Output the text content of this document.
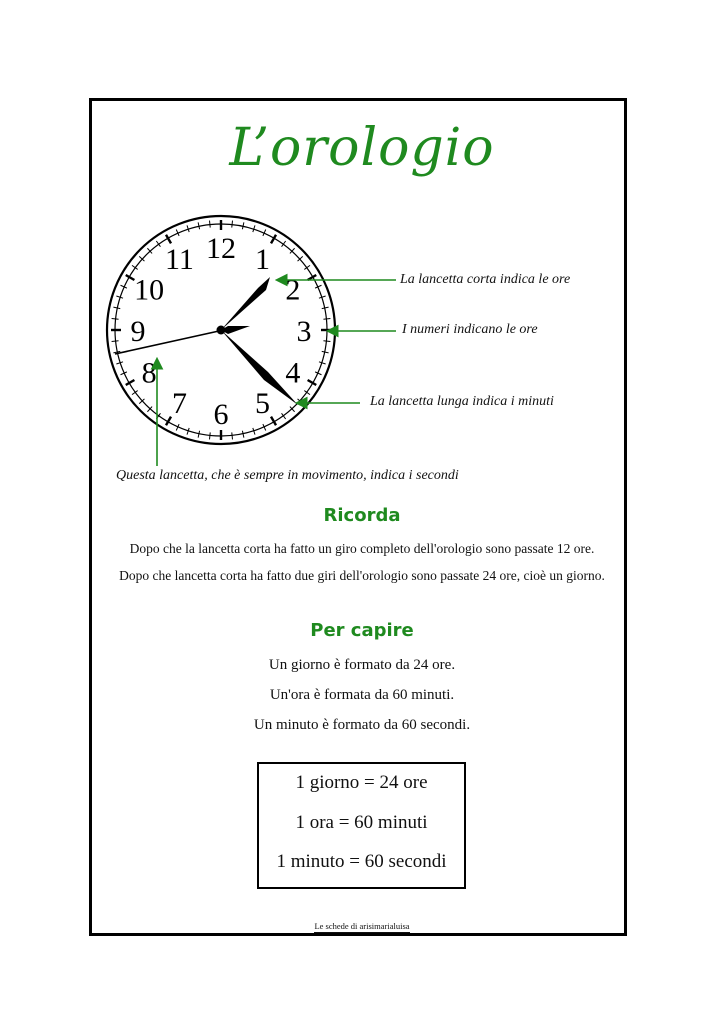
L’orologio
12 1
2
3
4
5
6
7
8
9
10
11
La lancetta corta indica le ore
I numeri indicano le ore
La lancetta lunga indica i minuti
Questa lancetta, che è sempre in movimento, indica i secondi
Ricorda
Dopo che la lancetta corta ha fatto un giro completo dell'orologio sono passate 12 ore.
Dopo che lancetta corta ha fatto due giri dell'orologio sono passate 24 ore, cioè un giorno.
Per capire
Un giorno è formato da 24 ore.
Un'ora è formata da 60 minuti.
Un minuto è formato da 60 secondi.
1 giorno = 24 ore
1 ora = 60 minuti
1 minuto = 60 secondi
Le schede di arisimarialuisa
